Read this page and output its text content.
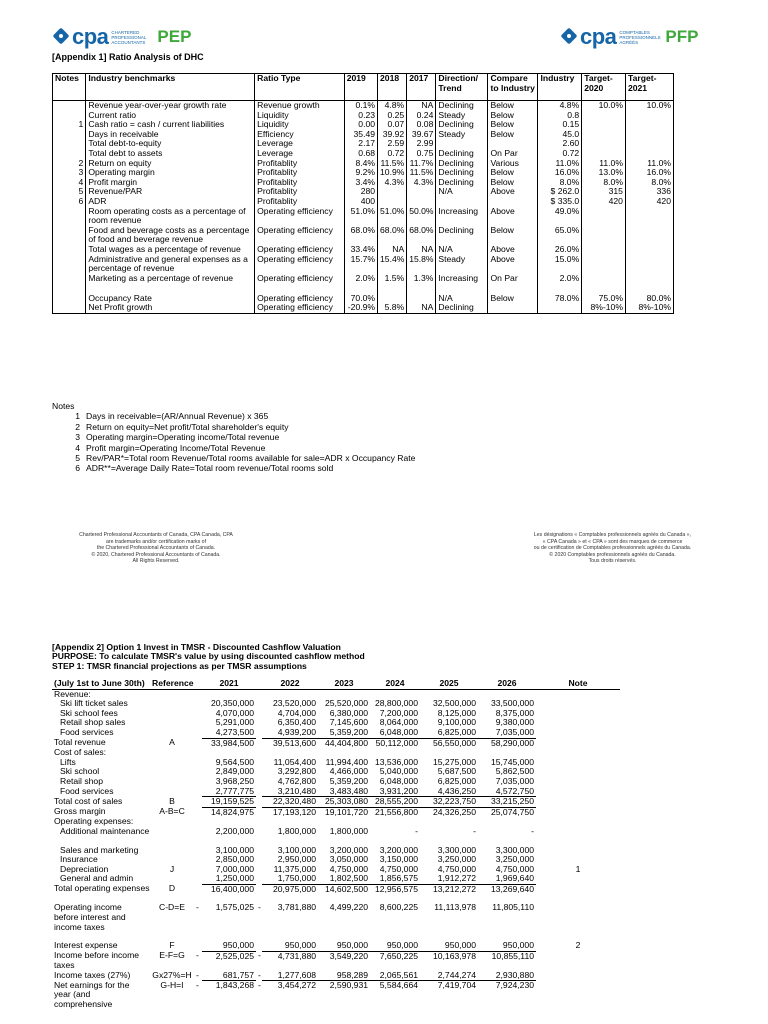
cpa CHARTERED PROFESSIONAL ACCOUNTANTS PEP	cpa COMPTABLES PROFESSIONNELS AGRÉÉS	PFP
[Appendix 1] Ratio Analysis of DHC
Notes	Industry benchmarks	Ratio Type	2019	2018	2017	Direction/ Trend	Compare to Industry	Industry	Target- 2020	Target- 2021
	Revenue year-over-year growth rate	Revenue growth	0.1%	4.8%	NA	Declining	Below	4.8%	10.0%	10.0%
	Current ratio	Liquidity	0.23	0.25	0.24	Steady	Below	0.8		
1	Cash ratio = cash / current liabilities	Liquidity	0.00	0.07	0.08	Declining	Below	0.15		
	Days in receivable	Efficiency	35.49	39.92	39.67	Steady	Below	45.0		
	Total debt-to-equity	Leverage	2.17	2.59	2.99			2.60		
	Total debt to assets	Leverage	0.68	0.72	0.75	Declining	On Par	0.72		
2	Return on equity	Profitablity	8.4%	11.5%	11.7%	Declining	Various	11.0%	11.0%	11.0%
3	Operating margin	Profitablity	9.2%	10.9%	11.5%	Declining	Below	16.0%	13.0%	16.0%
4	Profit margin	Profitablity	3.4%	4.3%	4.3%	Declining	Below	8.0%	8.0%	8.0%
5	Revenue/PAR	Profitablity	280			N/A	Above	$ 262.0	315	336
6	ADR	Profitablity	400					$ 335.0	420	420
	Room operating costs as a percentage of room revenue	Operating efficiency	51.0%	51.0%	50.0%	Increasing	Above	49.0%		
	Food and beverage costs as a percentage of food and beverage revenue	Operating efficiency	68.0%	68.0%	68.0%	Declining	Below	65.0%		
	Total wages as a percentage of revenue	Operating efficiency	33.4%	NA	NA	N/A	Above	26.0%		
	Administrative and general expenses as a percentage of revenue	Operating efficiency	15.7%	15.4%	15.8%	Steady	Above	15.0%		
	Marketing as a percentage of revenue	Operating efficiency	2.0%	1.5%	1.3%	Increasing	On Par	2.0%		
	Occupancy Rate	Operating efficiency	70.0%			N/A	Below	78.0%	75.0%	80.0%
	Net Profit growth	Operating efficiency	-20.9%	5.8%	NA	Declining			8%-10%	8%-10%
Notes
1 Days in receivable=(AR/Annual Revenue) x 365
2 Return on equity=Net profit/Total shareholder's equity
3 Operating margin=Operating income/Total revenue
4 Profit margin=Operating Income/Total Revenue
5 Rev/PAR*=Total room Revenue/Total rooms available for sale=ADR x Occupancy Rate
6 ADR**=Average Daily Rate=Total room revenue/Total rooms sold
Chartered Professional Accountants of Canada, CPA Canada, CPA
are trademarks and/or certification marks of
the Chartered Professional Accountants of Canada.
© 2020, Chartered Professional Accountants of Canada.
All Rights Reserved.
Les désignations « Comptables professionnels agréés du Canada »,
« CPA Canada » et « CPA » sont des marques de commerce
ou de certification de Comptables professionnels agréés du Canada.
© 2020 Comptables professionnels agréés du Canada.
Tous droits réservés.
[Appendix 2] Option 1 Invest in TMSR - Discounted Cashflow Valuation
PURPOSE: To calculate TMSR's value by using discounted cashflow method
STEP 1: TMSR financial projections as per TMSR assumptions
(July 1st to June 30th)	Reference		2021		2022	2023	2024	2025	2026	Note
Revenue:										
Ski lift ticket sales			20,350,000		23,520,000	25,520,000	28,800,000	32,500,000	33,500,000	
Ski school fees			4,070,000		4,704,000	6,380,000	7,200,000	8,125,000	8,375,000	
Retail shop sales			5,291,000		6,350,400	7,145,600	8,064,000	9,100,000	9,380,000	
Food services			4,273,500		4,939,200	5,359,200	6,048,000	6,825,000	7,035,000	
Total revenue	A		33,984,500		39,513,600	44,404,800	50,112,000	56,550,000	58,290,000	
Cost of sales:										
Lifts			9,564,500		11,054,400	11,994,400	13,536,000	15,275,000	15,745,000	
Ski school			2,849,000		3,292,800	4,466,000	5,040,000	5,687,500	5,862,500	
Retail shop			3,968,250		4,762,800	5,359,200	6,048,000	6,825,000	7,035,000	
Food services			2,777,775		3,210,480	3,483,480	3,931,200	4,436,250	4,572,750	
Total cost of sales	B		19,159,525		22,320,480	25,303,080	28,555,200	32,223,750	33,215,250	
Gross margin	A-B=C		14,824,975		17,193,120	19,101,720	21,556,800	24,326,250	25,074,750	
Operating expenses:										
Additional maintenance			2,200,000		1,800,000	1,800,000	-	-	-	

Sales and marketing			3,100,000		3,100,000	3,200,000	3,200,000	3,300,000	3,300,000	
Insurance			2,850,000		2,950,000	3,050,000	3,150,000	3,250,000	3,250,000	
Depreciation	J		7,000,000		11,375,000	4,750,000	4,750,000	4,750,000	4,750,000	1
General and admin			1,250,000		1,750,000	1,802,500	1,856,575	1,912,272	1,969,640	
Total operating expenses	D		16,400,000		20,975,000	14,602,500	12,956,575	13,212,272	13,269,640	

Operating income before interest and income taxes	C-D=E	-	1,575,025	-	3,781,880	4,499,220	8,600,225	11,113,978	11,805,110	

Interest expense	F		950,000		950,000	950,000	950,000	950,000	950,000	2
Income before income taxes	E-F=G	-	2,525,025	-	4,731,880	3,549,220	7,650,225	10,163,978	10,855,110	
Income taxes (27%)	Gx27%=H	-	681,757	-	1,277,608	958,289	2,065,561	2,744,274	2,930,880	
Net earnings for the year (and comprehensive	G-H=I	-	1,843,268	-	3,454,272	2,590,931	5,584,664	7,419,704	7,924,230	
